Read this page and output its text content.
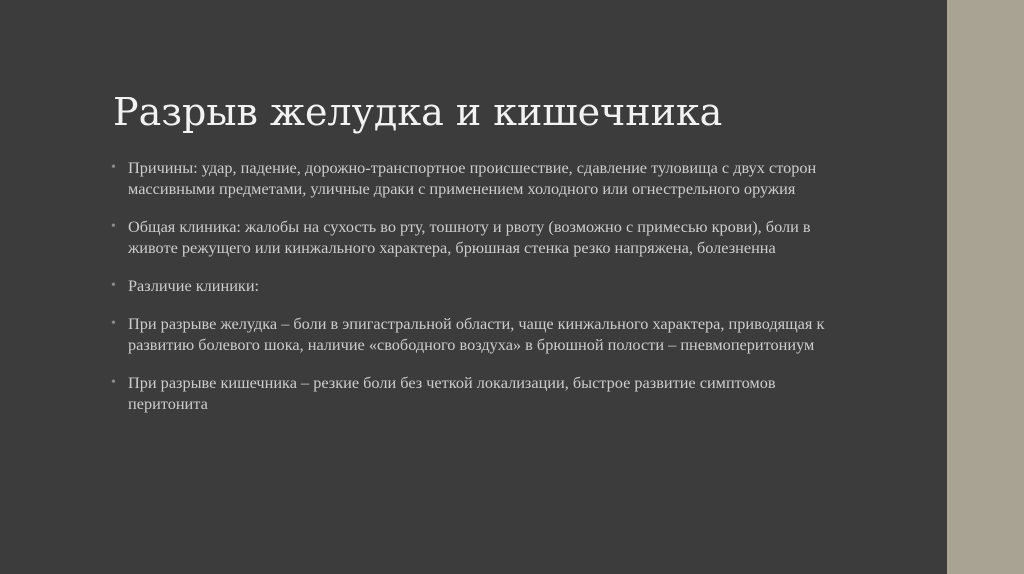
Разрыв желудка и кишечника
• Причины: удар, падение, дорожно-транспортное происшествие, сдавление туловища с двух сторон массивными предметами, уличные драки с применением холодного или огнестрельного оружия
• Общая клиника: жалобы на сухость во рту, тошноту и рвоту (возможно с примесью крови), боли в животе режущего или кинжального характера, брюшная стенка резко напряжена, болезненна
• Различие клиники:
• При разрыве желудка – боли в эпигастральной области, чаще кинжального характера, приводящая к развитию болевого шока, наличие «свободного воздуха» в брюшной полости – пневмоперитониум
• При разрыве кишечника – резкие боли без четкой локализации, быстрое развитие симптомов перитонита
